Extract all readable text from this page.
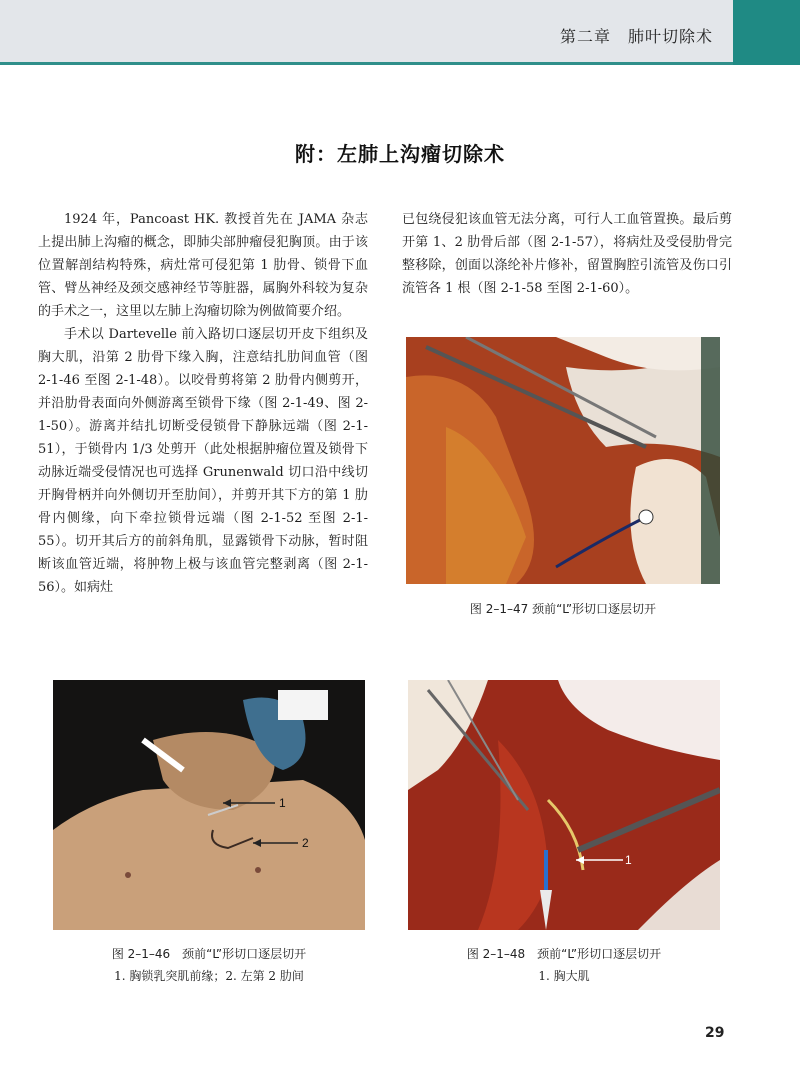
第二章　肺叶切除术
附：左肺上沟瘤切除术

1924 年，Pancoast HK. 教授首先在 JAMA 杂志上提出肺上沟瘤的概念，即肺尖部肿瘤侵犯胸顶。由于该位置解剖结构特殊，病灶常可侵犯第 1 肋骨、锁骨下血管、臂丛神经及颈交感神经节等脏器，属胸外科较为复杂的手术之一，这里以左肺上沟瘤切除为例做简要介绍。

手术以 Dartevelle 前入路切口逐层切开皮下组织及胸大肌，沿第 2 肋骨下缘入胸，注意结扎肋间血管（图 2-1-46 至图 2-1-48）。以咬骨剪将第 2 肋骨内侧剪开，并沿肋骨表面向外侧游离至锁骨下缘（图 2-1-49、图 2-1-50）。游离并结扎切断受侵锁骨下静脉远端（图 2-1-51），于锁骨内 1/3 处剪开（此处根据肿瘤位置及锁骨下动脉近端受侵情况也可选择 Grunenwald 切口沿中线切开胸骨柄并向外侧切开至肋间），并剪开其下方的第 1 肋骨内侧缘，向下牵拉锁骨远端（图 2-1-52 至图 2-1-55）。切开其后方的前斜角肌，显露锁骨下动脉，暂时阻断该血管近端，将肿物上极与该血管完整剥离（图 2-1-56）。如病灶

已包绕侵犯该血管无法分离，可行人工血管置换。最后剪开第 1、2 肋骨后部（图 2-1-57），将病灶及受侵肋骨完整移除，创面以涤纶补片修补，留置胸腔引流管及伤口引流管各 1 根（图 2-1-58 至图 2-1-60）。

图 2–1–47 颈前“L”形切口逐层切开
1
2
图 2–1–46　颈前“L”形切口逐层切开
1. 胸锁乳突肌前缘；2. 左第 2 肋间
1
图 2–1–48　颈前“L”形切口逐层切开
1. 胸大肌
29
